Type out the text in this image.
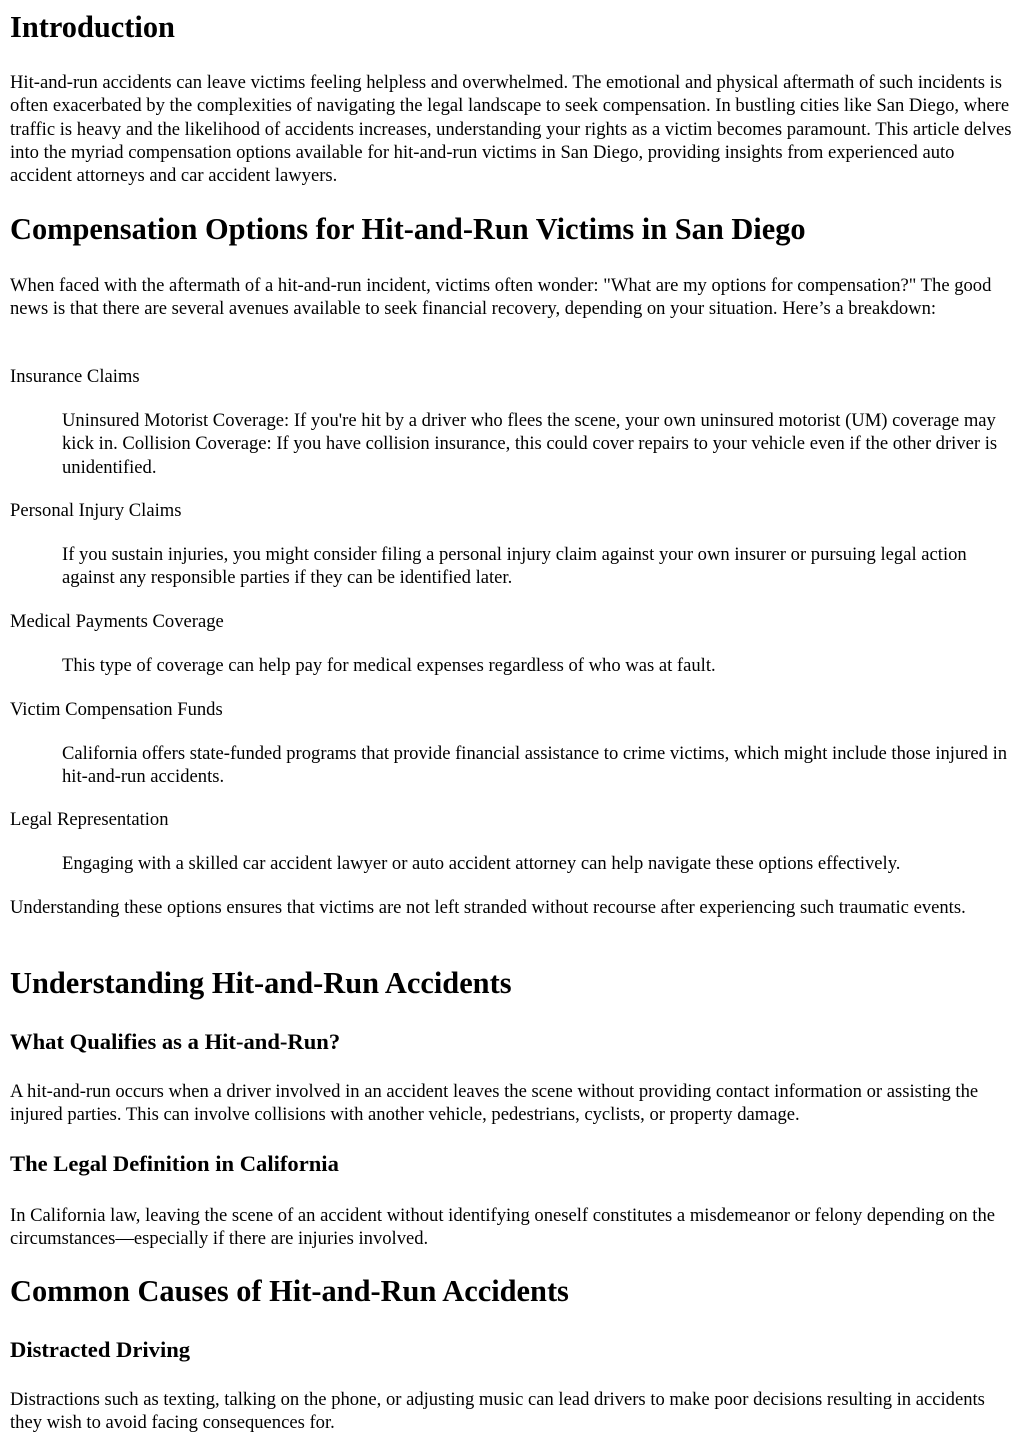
Introduction

Hit-and-run accidents can leave victims feeling helpless and overwhelmed. The emotional and physical aftermath of such incidents is often exacerbated by the complexities of navigating the legal landscape to seek compensation. In bustling cities like San Diego, where traffic is heavy and the likelihood of accidents increases, understanding your rights as a victim becomes paramount. This article delves into the myriad compensation options available for hit-and-run victims in San Diego, providing insights from experienced auto accident attorneys and car accident lawyers.

Compensation Options for Hit-and-Run Victims in San Diego

When faced with the aftermath of a hit-and-run incident, victims often wonder: "What are my options for compensation?" The good news is that there are several avenues available to seek financial recovery, depending on your situation. Here’s a breakdown:

Insurance Claims

Uninsured Motorist Coverage: If you're hit by a driver who flees the scene, your own uninsured motorist (UM) coverage may kick in. Collision Coverage: If you have collision insurance, this could cover repairs to your vehicle even if the other driver is unidentified.

Personal Injury Claims

If you sustain injuries, you might consider filing a personal injury claim against your own insurer or pursuing legal action against any responsible parties if they can be identified later.

Medical Payments Coverage

This type of coverage can help pay for medical expenses regardless of who was at fault.

Victim Compensation Funds

California offers state-funded programs that provide financial assistance to crime victims, which might include those injured in hit-and-run accidents.

Legal Representation

Engaging with a skilled car accident lawyer or auto accident attorney can help navigate these options effectively.

Understanding these options ensures that victims are not left stranded without recourse after experiencing such traumatic events.

Understanding Hit-and-Run Accidents
What Qualifies as a Hit-and-Run?

A hit-and-run occurs when a driver involved in an accident leaves the scene without providing contact information or assisting the injured parties. This can involve collisions with another vehicle, pedestrians, cyclists, or property damage.

The Legal Definition in California

In California law, leaving the scene of an accident without identifying oneself constitutes a misdemeanor or felony depending on the circumstances—especially if there are injuries involved.

Common Causes of Hit-and-Run Accidents
Distracted Driving

Distractions such as texting, talking on the phone, or adjusting music can lead drivers to make poor decisions resulting in accidents they wish to avoid facing consequences for.
